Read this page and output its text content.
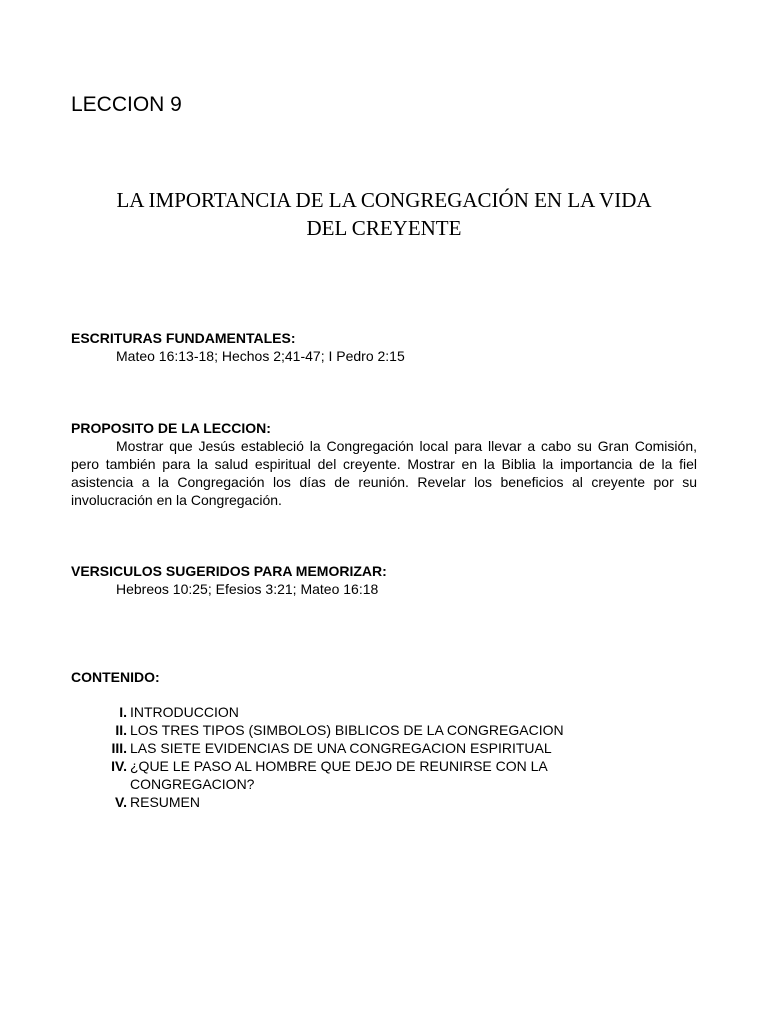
LECCION 9
LA IMPORTANCIA DE LA CONGREGACIÓN EN LA VIDA
DEL CREYENTE
ESCRITURAS FUNDAMENTALES:
Mateo 16:13-18; Hechos 2;41-47; I Pedro 2:15
PROPOSITO DE LA LECCION:

Mostrar que Jesús estableció la Congregación local para llevar a cabo su Gran Comisión, pero también para la salud espiritual del creyente. Mostrar en la Biblia la importancia de la fiel asistencia a la Congregación los días de reunión. Revelar los beneficios al creyente por su involucración en la Congregación.

VERSICULOS SUGERIDOS PARA MEMORIZAR:
Hebreos 10:25; Efesios 3:21; Mateo 16:18
CONTENIDO:
I. INTRODUCCION
II. LOS TRES TIPOS (SIMBOLOS) BIBLICOS DE LA CONGREGACION
III. LAS SIETE EVIDENCIAS DE UNA CONGREGACION ESPIRITUAL
IV. ¿QUE LE PASO AL HOMBRE QUE DEJO DE REUNIRSE CON LA CONGREGACION?
V. RESUMEN
